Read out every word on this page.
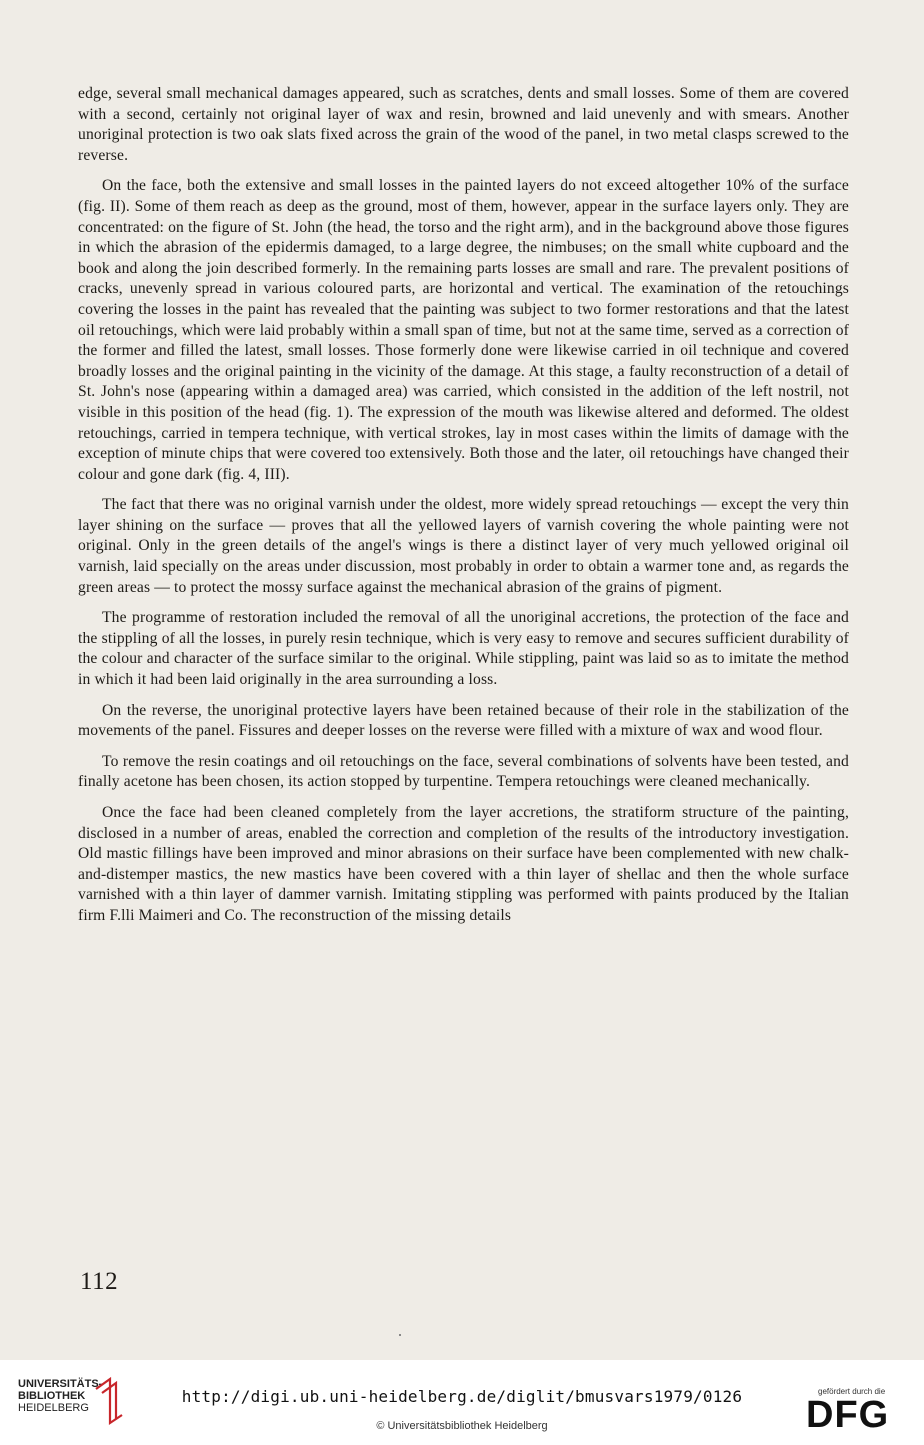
edge, several small mechanical damages appeared, such as scratches, dents and small losses. Some of them are covered with a second, certainly not original layer of wax and resin, browned and laid unevenly and with smears. Another unoriginal protection is two oak slats fixed across the grain of the wood of the panel, in two metal clasps screwed to the reverse.

On the face, both the extensive and small losses in the painted layers do not exceed altogether 10% of the surface (fig. II). Some of them reach as deep as the ground, most of them, however, appear in the surface layers only. They are concentrated: on the figure of St. John (the head, the torso and the right arm), and in the background above those figures in which the abrasion of the epidermis damaged, to a large degree, the nimbuses; on the small white cupboard and the book and along the join described formerly. In the remaining parts losses are small and rare. The prevalent positions of cracks, unevenly spread in various coloured parts, are horizontal and vertical. The examination of the retouchings covering the losses in the paint has revealed that the painting was subject to two former restorations and that the latest oil retouchings, which were laid probably within a small span of time, but not at the same time, served as a correction of the former and filled the latest, small losses. Those formerly done were likewise carried in oil technique and covered broadly losses and the original painting in the vicinity of the damage. At this stage, a faulty reconstruction of a detail of St. John's nose (appearing within a damaged area) was carried, which consisted in the addition of the left nostril, not visible in this position of the head (fig. 1). The expression of the mouth was likewise altered and deformed. The oldest retouchings, carried in tempera technique, with vertical strokes, lay in most cases within the limits of damage with the exception of minute chips that were covered too extensively. Both those and the later, oil retouchings have changed their colour and gone dark (fig. 4, III).

The fact that there was no original varnish under the oldest, more widely spread retouchings — except the very thin layer shining on the surface — proves that all the yellowed layers of varnish covering the whole painting were not original. Only in the green details of the angel's wings is there a distinct layer of very much yellowed original oil varnish, laid specially on the areas under discussion, most probably in order to obtain a warmer tone and, as regards the green areas — to protect the mossy surface against the mechanical abrasion of the grains of pigment.

The programme of restoration included the removal of all the unoriginal accretions, the protection of the face and the stippling of all the losses, in purely resin technique, which is very easy to remove and secures sufficient durability of the colour and character of the surface similar to the original. While stippling, paint was laid so as to imitate the method in which it had been laid originally in the area surrounding a loss.

On the reverse, the unoriginal protective layers have been retained because of their role in the stabilization of the movements of the panel. Fissures and deeper losses on the reverse were filled with a mixture of wax and wood flour.

To remove the resin coatings and oil retouchings on the face, several combinations of solvents have been tested, and finally acetone has been chosen, its action stopped by turpentine. Tempera retouchings were cleaned mechanically.

Once the face had been cleaned completely from the layer accretions, the stratiform structure of the painting, disclosed in a number of areas, enabled the correction and completion of the results of the introductory investigation. Old mastic fillings have been improved and minor abrasions on their surface have been complemented with new chalk-and-distemper mastics, the new mastics have been covered with a thin layer of shellac and then the whole surface varnished with a thin layer of dammer varnish. Imitating stippling was performed with paints produced by the Italian firm F.lli Maimeri and Co. The reconstruction of the missing details

112
UNIVERSITÄTS-
BIBLIOTHEK
HEIDELBERG
http://digi.ub.uni-heidelberg.de/diglit/bmusvars1979/0126
© Universitätsbibliothek Heidelberg
gefördert durch die
DFG
